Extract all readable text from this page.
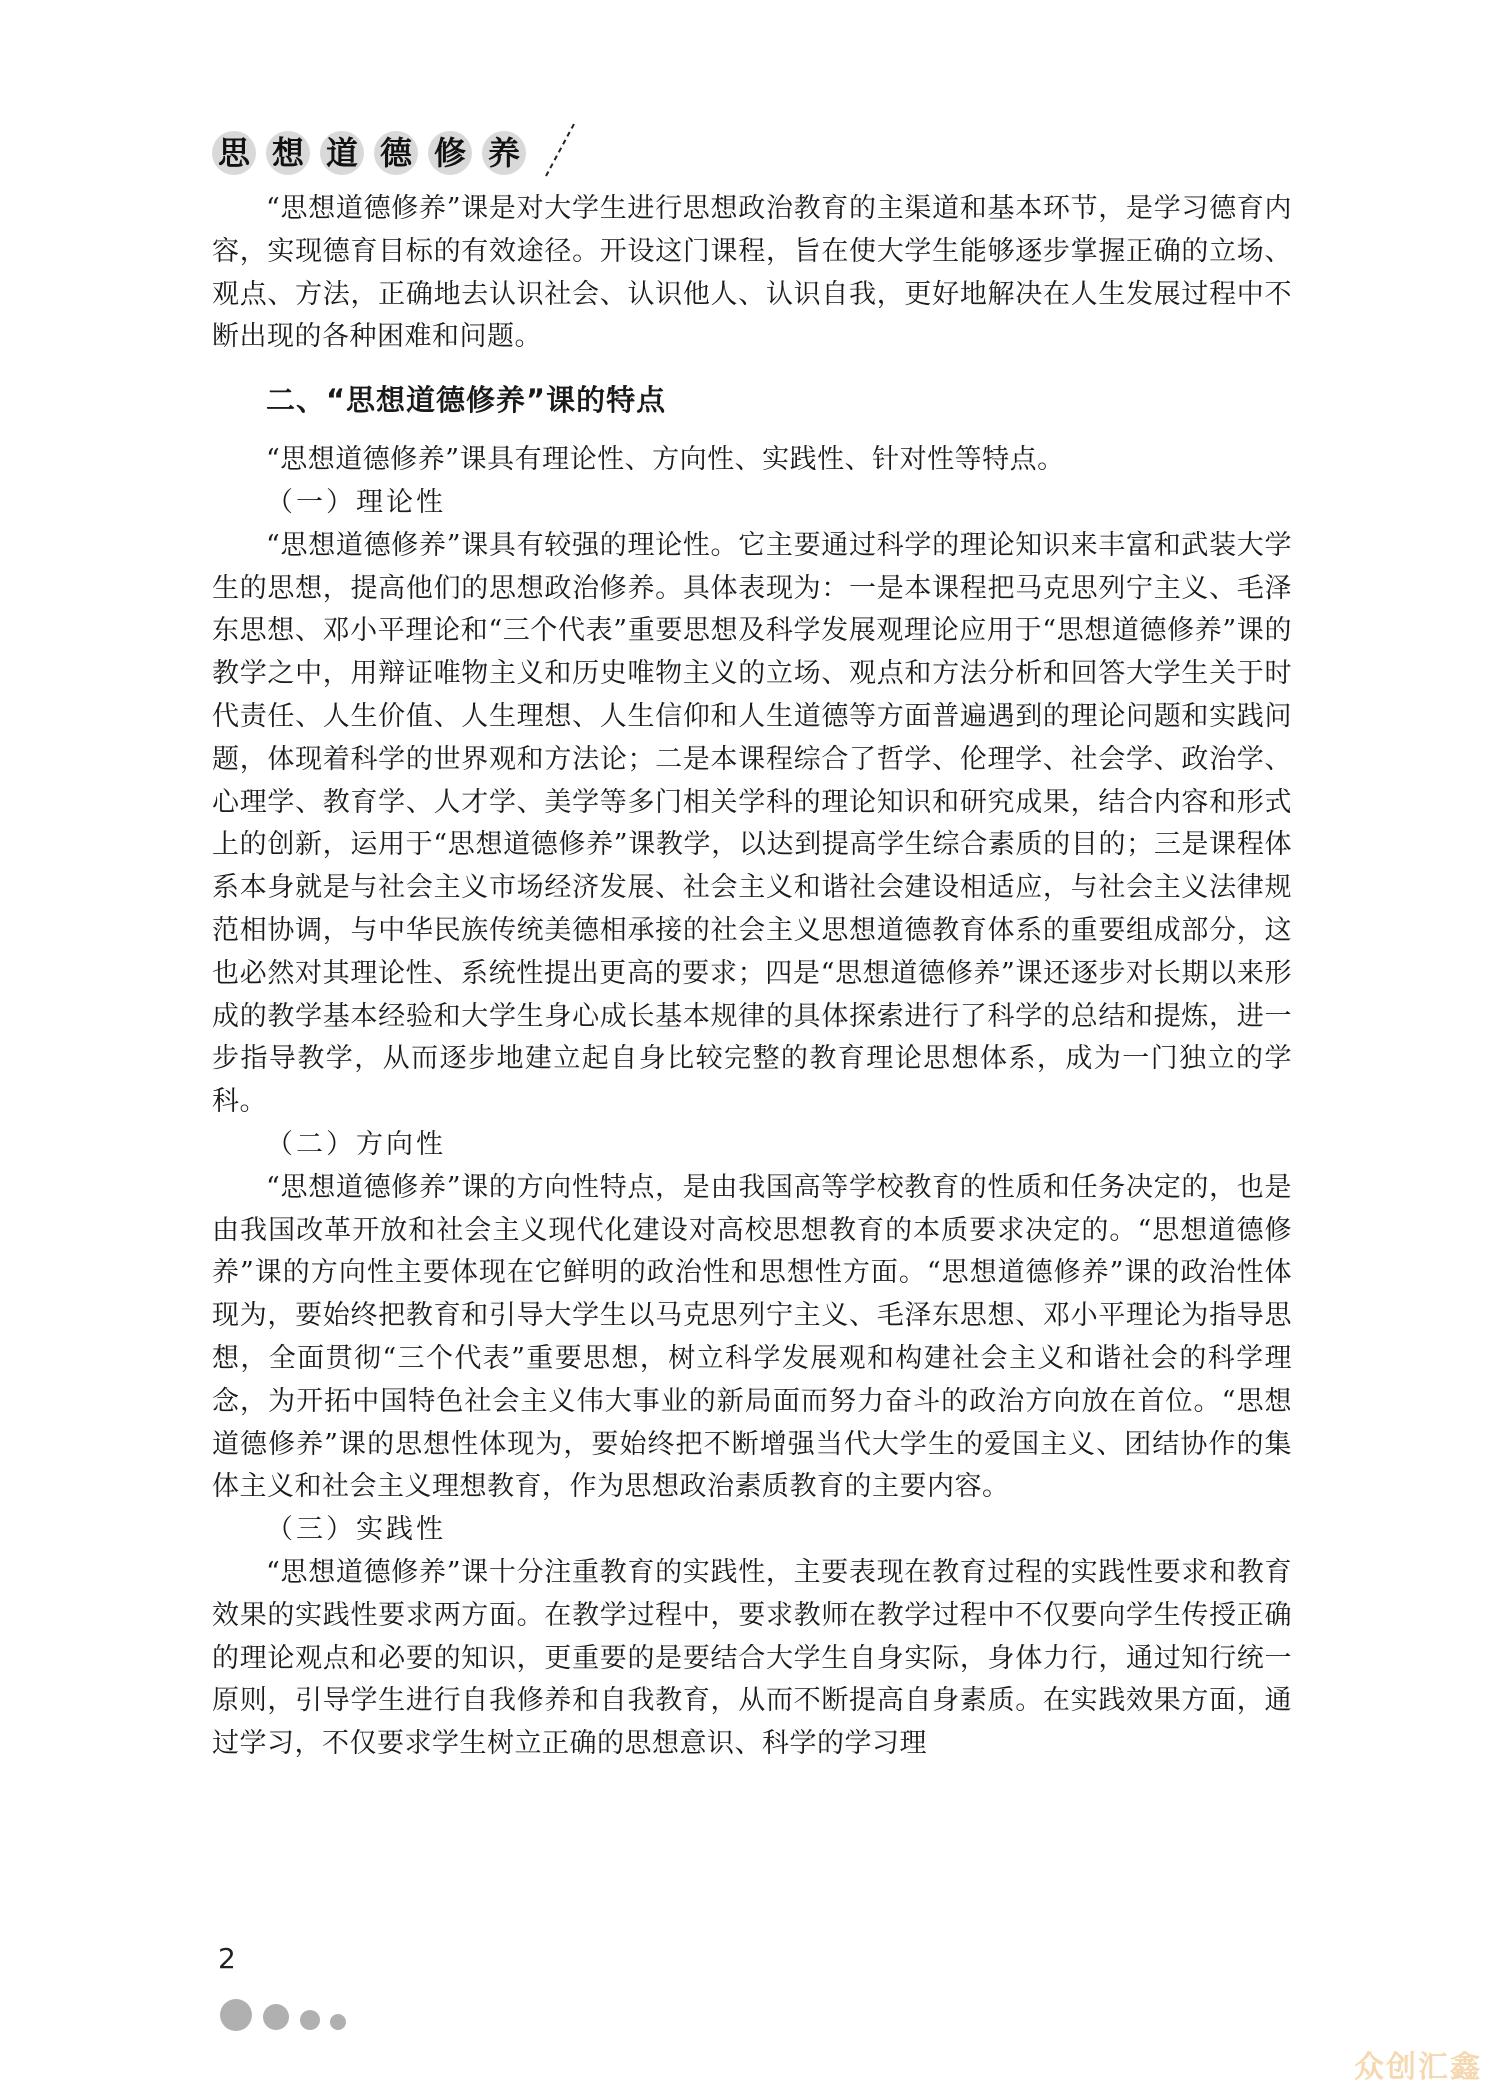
思 想 道 德 修 养

“思想道德修养”课是对大学生进行思想政治教育的主渠道和基本环节，是学习德育内容，实现德育目标的有效途径。开设这门课程，旨在使大学生能够逐步掌握正确的立场、观点、方法，正确地去认识社会、认识他人、认识自我，更好地解决在人生发展过程中不断出现的各种困难和问题。

二、“思想道德修养”课的特点

“思想道德修养”课具有理论性、方向性、实践性、针对性等特点。

（一）理论性

“思想道德修养”课具有较强的理论性。它主要通过科学的理论知识来丰富和武装大学生的思想，提高他们的思想政治修养。具体表现为：一是本课程把马克思列宁主义、毛泽东思想、邓小平理论和“三个代表”重要思想及科学发展观理论应用于“思想道德修养”课的教学之中，用辩证唯物主义和历史唯物主义的立场、观点和方法分析和回答大学生关于时代责任、人生价值、人生理想、人生信仰和人生道德等方面普遍遇到的理论问题和实践问题，体现着科学的世界观和方法论；二是本课程综合了哲学、伦理学、社会学、政治学、心理学、教育学、人才学、美学等多门相关学科的理论知识和研究成果，结合内容和形式上的创新，运用于“思想道德修养”课教学，以达到提高学生综合素质的目的；三是课程体系本身就是与社会主义市场经济发展、社会主义和谐社会建设相适应，与社会主义法律规范相协调，与中华民族传统美德相承接的社会主义思想道德教育体系的重要组成部分，这也必然对其理论性、系统性提出更高的要求；四是“思想道德修养”课还逐步对长期以来形成的教学基本经验和大学生身心成长基本规律的具体探索进行了科学的总结和提炼，进一步指导教学，从而逐步地建立起自身比较完整的教育理论思想体系，成为一门独立的学科。

（二）方向性

“思想道德修养”课的方向性特点，是由我国高等学校教育的性质和任务决定的，也是由我国改革开放和社会主义现代化建设对高校思想教育的本质要求决定的。“思想道德修养”课的方向性主要体现在它鲜明的政治性和思想性方面。“思想道德修养”课的政治性体现为，要始终把教育和引导大学生以马克思列宁主义、毛泽东思想、邓小平理论为指导思想，全面贯彻“三个代表”重要思想，树立科学发展观和构建社会主义和谐社会的科学理念，为开拓中国特色社会主义伟大事业的新局面而努力奋斗的政治方向放在首位。“思想道德修养”课的思想性体现为，要始终把不断增强当代大学生的爱国主义、团结协作的集体主义和社会主义理想教育，作为思想政治素质教育的主要内容。

（三）实践性

“思想道德修养”课十分注重教育的实践性，主要表现在教育过程的实践性要求和教育效果的实践性要求两方面。在教学过程中，要求教师在教学过程中不仅要向学生传授正确的理论观点和必要的知识，更重要的是要结合大学生自身实际，身体力行，通过知行统一原则，引导学生进行自我修养和自我教育，从而不断提高自身素质。在实践效果方面，通过学习，不仅要求学生树立正确的思想意识、科学的学习理

2
众创汇鑫
